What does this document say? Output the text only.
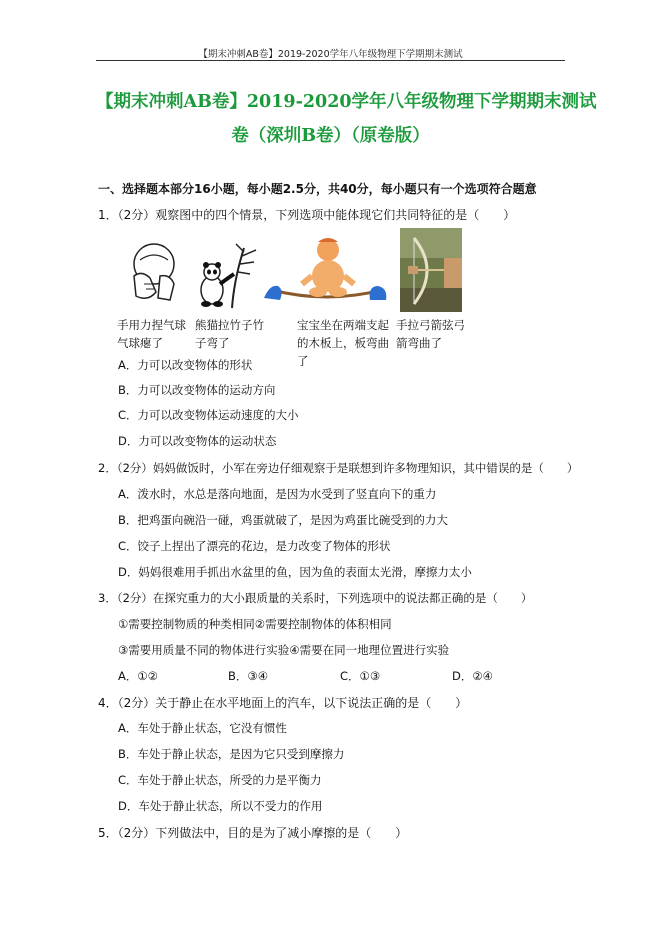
【期末冲刺AB卷】2019-2020学年八年级物理下学期期末测试
【期末冲刺AB卷】2019-2020学年八年级物理下学期期末测试
卷（深圳B卷）（原卷版）
一、选择题本部分16小题，每小题2.5分，共40分，每小题只有一个选项符合题意
1．（2分）观察图中的四个情景，下列选项中能体现它们共同特征的是（　　）
手用力捏气球气球瘪了
熊猫拉竹子竹子弯了
宝宝坐在两端支起的木板上，板弯曲了
手拉弓箭弦弓箭弯曲了
A．力可以改变物体的形状
B．力可以改变物体的运动方向
C．力可以改变物体运动速度的大小
D．力可以改变物体的运动状态
2．（2分）妈妈做饭时，小军在旁边仔细观察于是联想到许多物理知识，其中错误的是（　　）
A．泼水时，水总是落向地面，是因为水受到了竖直向下的重力
B．把鸡蛋向碗沿一碰，鸡蛋就破了，是因为鸡蛋比碗受到的力大
C．饺子上捏出了漂亮的花边，是力改变了物体的形状
D．妈妈很难用手抓出水盆里的鱼，因为鱼的表面太光滑，摩擦力太小
3．（2分）在探究重力的大小跟质量的关系时，下列选项中的说法都正确的是（　　）
①需要控制物质的种类相同②需要控制物体的体积相同
③需要用质量不同的物体进行实验④需要在同一地理位置进行实验
A．①②	B．③④	C．①③	D．②④
4．（2分）关于静止在水平地面上的汽车，以下说法正确的是（　　）
A．车处于静止状态，它没有惯性
B．车处于静止状态，是因为它只受到摩擦力
C．车处于静止状态，所受的力是平衡力
D．车处于静止状态，所以不受力的作用
5．（2分）下列做法中，目的是为了减小摩擦的是（　　）
